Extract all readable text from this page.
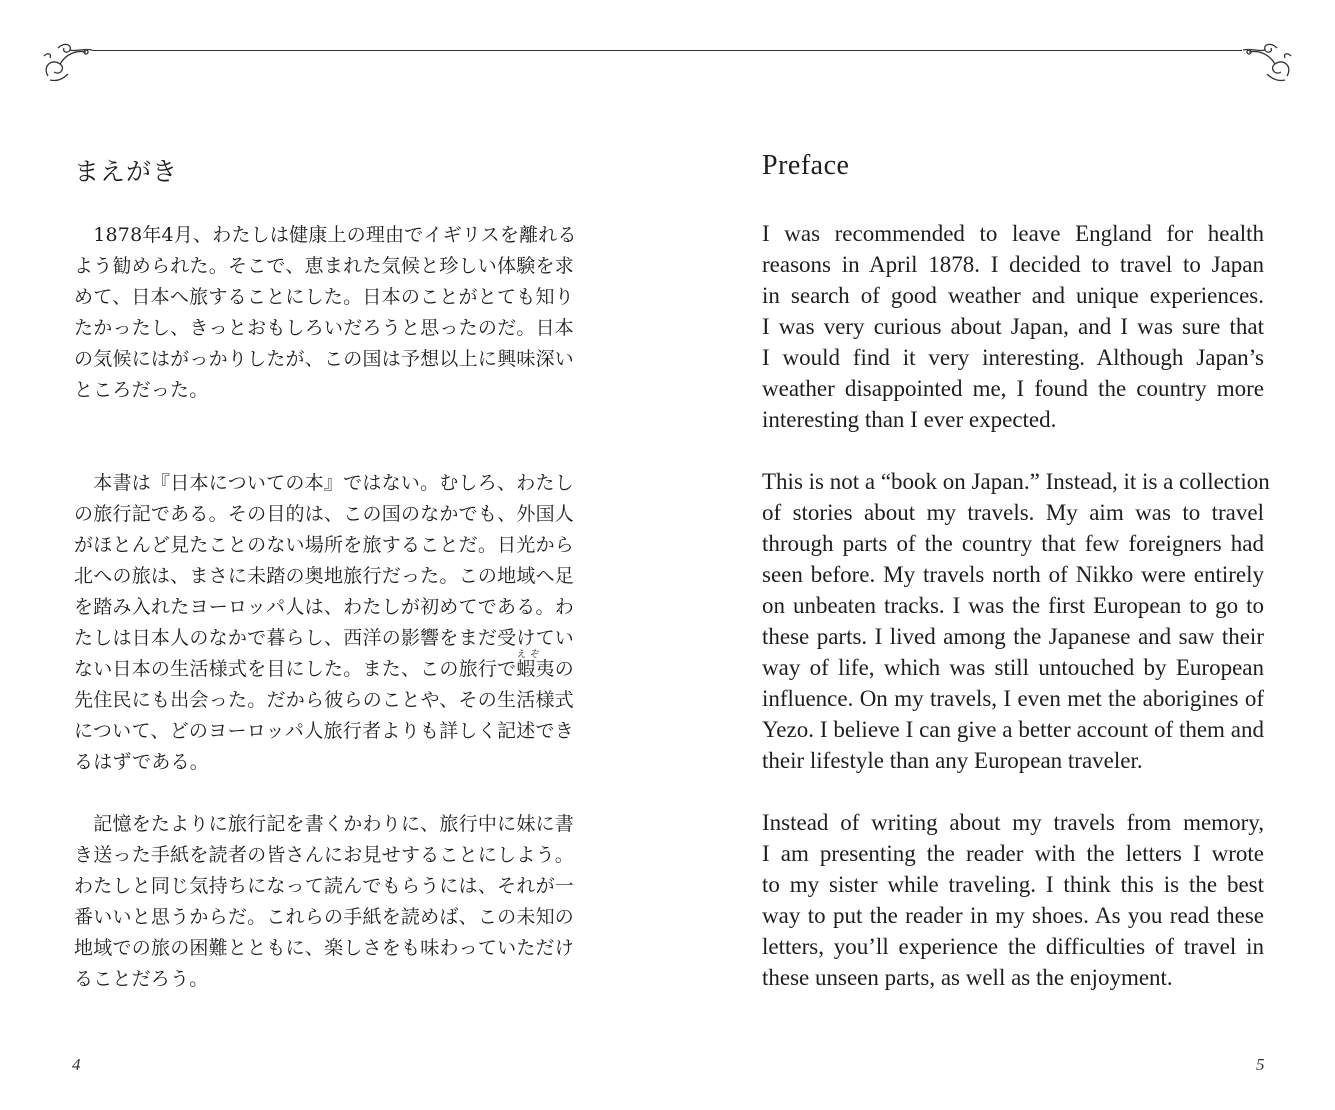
まえがき
　1878年4月、わたしは健康上の理由でイギリスを離れる
よう勧められた。そこで、恵まれた気候と珍しい体験を求
めて、日本へ旅することにした。日本のことがとても知り
たかったし、きっとおもしろいだろうと思ったのだ。日本
の気候にはがっかりしたが、この国は予想以上に興味深い
ところだった。
　本書は『日本についての本』ではない。むしろ、わたし
の旅行記である。その目的は、この国のなかでも、外国人
がほとんど見たことのない場所を旅することだ。日光から
北への旅は、まさに未踏の奥地旅行だった。この地域へ足
を踏み入れたヨーロッパ人は、わたしが初めてである。わ
たしは日本人のなかで暮らし、西洋の影響をまだ受けてい
ない日本の生活様式を目にした。また、この旅行で蝦夷の
先住民にも出会った。だから彼らのことや、その生活様式
について、どのヨーロッパ人旅行者よりも詳しく記述でき
るはずである。
えぞ
　記憶をたよりに旅行記を書くかわりに、旅行中に妹に書
き送った手紙を読者の皆さんにお見せすることにしよう。
わたしと同じ気持ちになって読んでもらうには、それが一
番いいと思うからだ。これらの手紙を読めば、この未知の
地域での旅の困難とともに、楽しさをも味わっていただけ
ることだろう。
4
Preface
I was recommended to leave England for health
reasons in April 1878. I decided to travel to Japan
in search of good weather and unique experiences.
I was very curious about Japan, and I was sure that
I would find it very interesting. Although Japan’s
weather disappointed me, I found the country more
interesting than I ever expected.
This is not a “book on Japan.” Instead, it is a collection
of stories about my travels. My aim was to travel
through parts of the country that few foreigners had
seen before. My travels north of Nikko were entirely
on unbeaten tracks. I was the first European to go to
these parts. I lived among the Japanese and saw their
way of life, which was still untouched by European
influence. On my travels, I even met the aborigines of
Yezo. I believe I can give a better account of them and
their lifestyle than any European traveler.
Instead of writing about my travels from memory,
I am presenting the reader with the letters I wrote
to my sister while traveling. I think this is the best
way to put the reader in my shoes. As you read these
letters, you’ll experience the difficulties of travel in
these unseen parts, as well as the enjoyment.
5
